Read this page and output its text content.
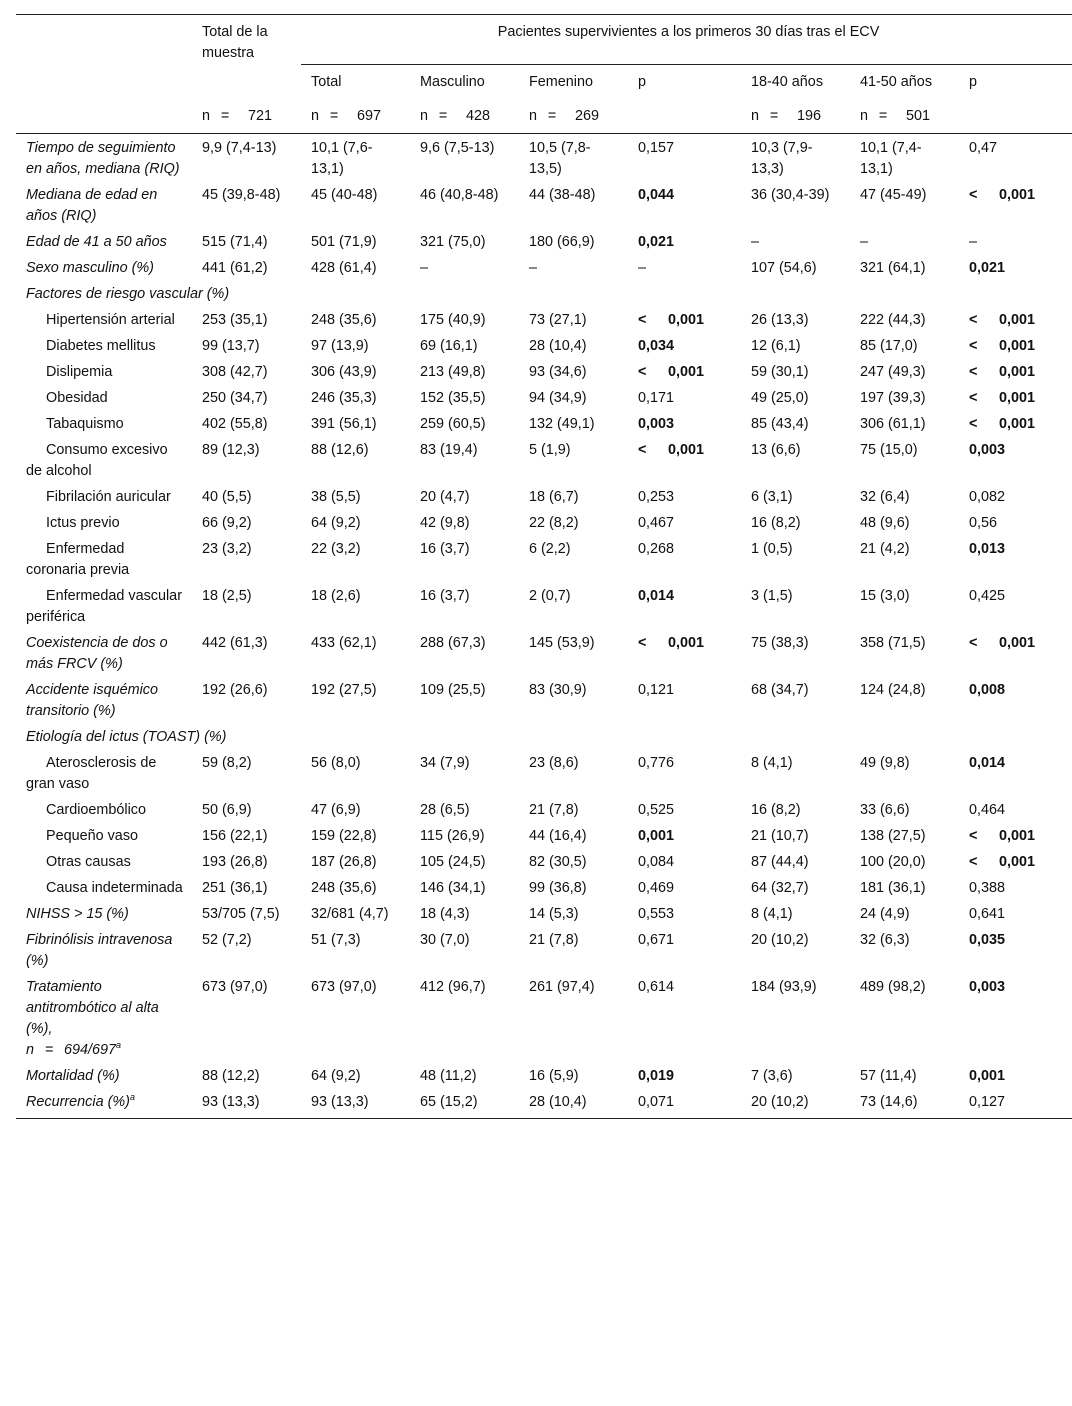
	Total de la muestra	Pacientes supervivientes a los primeros 30 días tras el ECV						
		Total	Masculino	Femenino	p	18-40 años	41-50 años	p
	n = 721	n = 697	n = 428	n = 269		n = 196	n = 501	
Tiempo de seguimiento en años, mediana (RIQ)	9,9 (7,4-13)	10,1 (7,6-13,1)	9,6 (7,5-13)	10,5 (7,8-13,5)	0,157	10,3 (7,9-13,3)	10,1 (7,4-13,1)	0,47
Mediana de edad en años (RIQ)	45 (39,8-48)	45 (40-48)	46 (40,8-48)	44 (38-48)	0,044	36 (30,4-39)	47 (45-49)	< 0,001
Edad de 41 a 50 años	515 (71,4)	501 (71,9)	321 (75,0)	180 (66,9)	0,021	–	–	–
Sexo masculino (%)	441 (61,2)	428 (61,4)	–	–	–	107 (54,6)	321 (64,1)	0,021
Factores de riesgo vascular (%)								

Hipertensión arterial	253 (35,1)	248 (35,6)	175 (40,9)	73 (27,1)	< 0,001	26 (13,3)	222 (44,3)	< 0,001

Diabetes mellitus	99 (13,7)	97 (13,9)	69 (16,1)	28 (10,4)	0,034	12 (6,1)	85 (17,0)	< 0,001

Dislipemia	308 (42,7)	306 (43,9)	213 (49,8)	93 (34,6)	< 0,001	59 (30,1)	247 (49,3)	< 0,001

Obesidad	250 (34,7)	246 (35,3)	152 (35,5)	94 (34,9)	0,171	49 (25,0)	197 (39,3)	< 0,001

Tabaquismo	402 (55,8)	391 (56,1)	259 (60,5)	132 (49,1)	0,003	85 (43,4)	306 (61,1)	< 0,001

Consumo excesivo de alcohol	89 (12,3)	88 (12,6)	83 (19,4)	5 (1,9)	< 0,001	13 (6,6)	75 (15,0)	0,003

Fibrilación auricular	40 (5,5)	38 (5,5)	20 (4,7)	18 (6,7)	0,253	6 (3,1)	32 (6,4)	0,082

Ictus previo	66 (9,2)	64 (9,2)	42 (9,8)	22 (8,2)	0,467	16 (8,2)	48 (9,6)	0,56

Enfermedad coronaria previa	23 (3,2)	22 (3,2)	16 (3,7)	6 (2,2)	0,268	1 (0,5)	21 (4,2)	0,013

Enfermedad vascular periférica	18 (2,5)	18 (2,6)	16 (3,7)	2 (0,7)	0,014	3 (1,5)	15 (3,0)	0,425
Coexistencia de dos o más FRCV (%)	442 (61,3)	433 (62,1)	288 (67,3)	145 (53,9)	< 0,001	75 (38,3)	358 (71,5)	< 0,001
Accidente isquémico transitorio (%)	192 (26,6)	192 (27,5)	109 (25,5)	83 (30,9)	0,121	68 (34,7)	124 (24,8)	0,008
Etiología del ictus (TOAST) (%)								

Aterosclerosis de gran vaso	59 (8,2)	56 (8,0)	34 (7,9)	23 (8,6)	0,776	8 (4,1)	49 (9,8)	0,014

Cardioembólico	50 (6,9)	47 (6,9)	28 (6,5)	21 (7,8)	0,525	16 (8,2)	33 (6,6)	0,464

Pequeño vaso	156 (22,1)	159 (22,8)	115 (26,9)	44 (16,4)	0,001	21 (10,7)	138 (27,5)	< 0,001

Otras causas	193 (26,8)	187 (26,8)	105 (24,5)	82 (30,5)	0,084	87 (44,4)	100 (20,0)	< 0,001

Causa indeterminada	251 (36,1)	248 (35,6)	146 (34,1)	99 (36,8)	0,469	64 (32,7)	181 (36,1)	0,388
NIHSS > 15 (%)	53/705 (7,5)	32/681 (4,7)	18 (4,3)	14 (5,3)	0,553	8 (4,1)	24 (4,9)	0,641
Fibrinólisis intravenosa (%)	52 (7,2)	51 (7,3)	30 (7,0)	21 (7,8)	0,671	20 (10,2)	32 (6,3)	0,035
Tratamiento antitrombótico al alta (%),
$n = 694/697^a$	673 (97,0)	673 (97,0)	412 (96,7)	261 (97,4)	0,614	184 (93,9)	489 (98,2)	0,003
Mortalidad (%)	88 (12,2)	64 (9,2)	48 (11,2)	16 (5,9)	0,019	7 (3,6)	57 (11,4)	0,001
Recurrencia (%)$^a$	93 (13,3)	93 (13,3)	65 (15,2)	28 (10,4)	0,071	20 (10,2)	73 (14,6)	0,127
